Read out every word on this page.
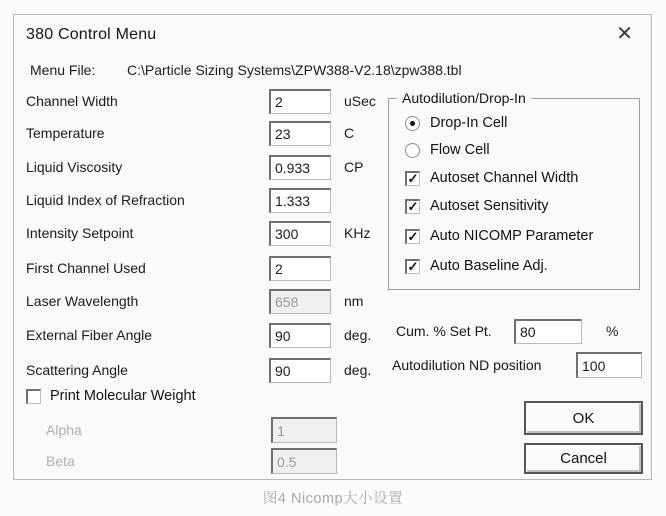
380 Control Menu	✕
Menu File: C:\Particle Sizing Systems\ZPW388-V2.18\zpw388.tbl
Channel Width
2	uSec
Temperature
23	C
Liquid Viscosity
0.933	CP
Liquid Index of Refraction
1.333
Intensity Setpoint
300	KHz
First Channel Used
2
Laser Wavelength
658	nm
External Fiber Angle
90	deg.
Scattering Angle
90	deg.
Print Molecular Weight
Alpha
1
Beta
0.5
Autodilution/Drop-In
Drop-In Cell
Flow Cell
✓ Autoset Channel Width
✓ Autoset Sensitivity
✓ Auto NICOMP Parameter
✓ Auto Baseline Adj.
Cum. % Set Pt.
80	%
Autodilution ND position
100
OK
Cancel
图4 Nicomp大小设置
